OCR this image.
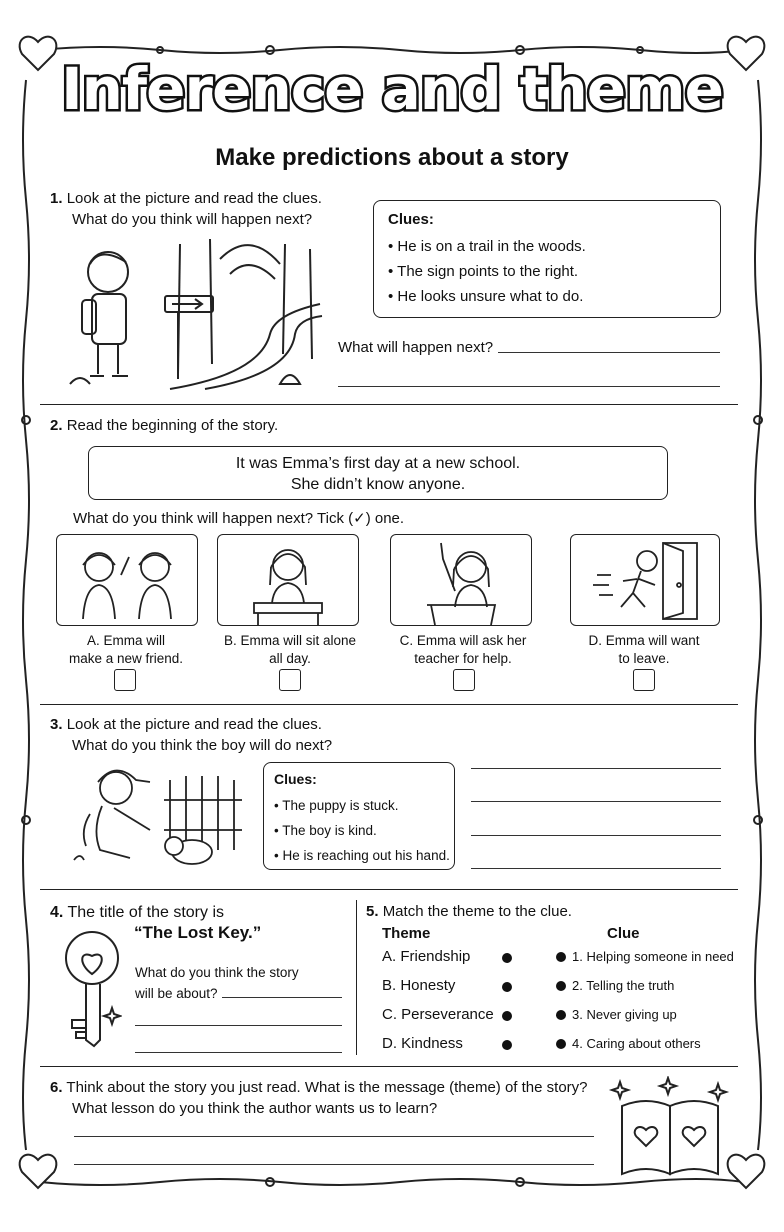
Inference and theme
Make predictions about a story
1. Look at the picture and read the clues.
What do you think will happen next?	Clues:
• He is on a trail in the woods.
• The sign points to the right.
• He looks unsure what to do.
What will happen next?
2. Read the beginning of the story.
It was Emma’s first day at a new school.
She didn’t know anyone.
What do you think will happen next? Tick (✓) one.
A. Emma will
make a new friend.
B. Emma will sit alone
all day.
C. Emma will ask her
teacher for help.
D. Emma will want
to leave.
3. Look at the picture and read the clues.
What do you think the boy will do next?
Clues:
• The puppy is stuck.
• The boy is kind.
• He is reaching out his hand.
4. The title of the story is
“The Lost Key.”
What do you think the story
will be about?
5. Match the theme to the clue.
Theme	Clue
A. Friendship
B. Honesty
C. Perseverance
D. Kindness
1. Helping someone in need
2. Telling the truth
3. Never giving up
4. Caring about others
6. Think about the story you just read. What is the message (theme) of the story?
What lesson do you think the author wants us to learn?
